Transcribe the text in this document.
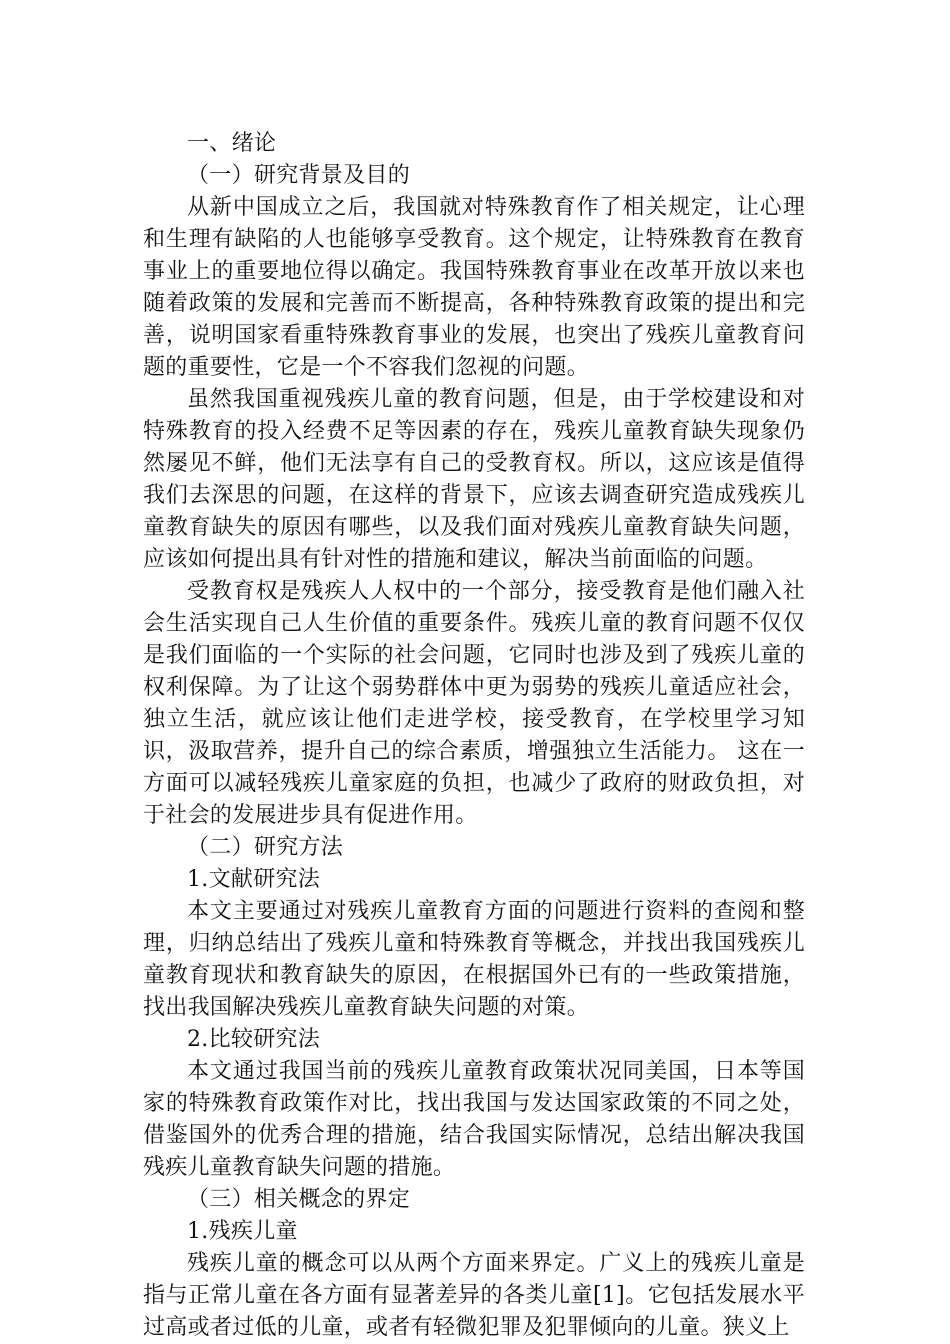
一、绪论
（一）研究背景及目的

从新中国成立之后，我国就对特殊教育作了相关规定，让心理和生理有缺陷的人也能够享受教育。这个规定，让特殊教育在教育事业上的重要地位得以确定。我国特殊教育事业在改革开放以来也随着政策的发展和完善而不断提高，各种特殊教育政策的提出和完善，说明国家看重特殊教育事业的发展，也突出了残疾儿童教育问题的重要性，它是一个不容我们忽视的问题。

虽然我国重视残疾儿童的教育问题，但是，由于学校建设和对特殊教育的投入经费不足等因素的存在，残疾儿童教育缺失现象仍然屡见不鲜，他们无法享有自己的受教育权。所以，这应该是值得我们去深思的问题，在这样的背景下，应该去调查研究造成残疾儿童教育缺失的原因有哪些，以及我们面对残疾儿童教育缺失问题，应该如何提出具有针对性的措施和建议，解决当前面临的问题。

受教育权是残疾人人权中的一个部分，接受教育是他们融入社会生活实现自己人生价值的重要条件。残疾儿童的教育问题不仅仅是我们面临的一个实际的社会问题，它同时也涉及到了残疾儿童的权利保障。为了让这个弱势群体中更为弱势的残疾儿童适应社会，独立生活，就应该让他们走进学校，接受教育，在学校里学习知识，汲取营养，提升自己的综合素质，增强独立生活能力。 这在一方面可以减轻残疾儿童家庭的负担，也减少了政府的财政负担，对于社会的发展进步具有促进作用。

（二）研究方法
1.文献研究法

本文主要通过对残疾儿童教育方面的问题进行资料的查阅和整理，归纳总结出了残疾儿童和特殊教育等概念，并找出我国残疾儿童教育现状和教育缺失的原因，在根据国外已有的一些政策措施，找出我国解决残疾儿童教育缺失问题的对策。

2.比较研究法

本文通过我国当前的残疾儿童教育政策状况同美国，日本等国家的特殊教育政策作对比，找出我国与发达国家政策的不同之处，借鉴国外的优秀合理的措施，结合我国实际情况，总结出解决我国残疾儿童教育缺失问题的措施。

（三）相关概念的界定
1.残疾儿童

残疾儿童的概念可以从两个方面来界定。广义上的残疾儿童是指与正常儿童在各方面有显著差异的各类儿童[1]。它包括发展水平过高或者过低的儿童，或者有轻微犯罪及犯罪倾向的儿童。狭义上
